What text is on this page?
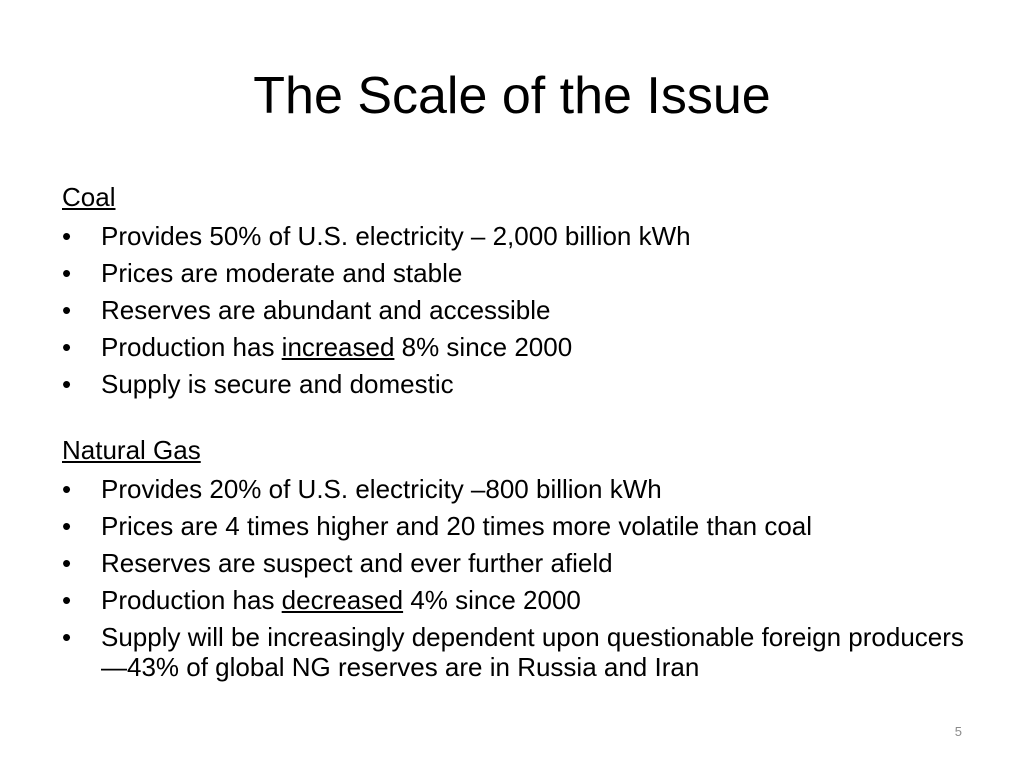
The Scale of the Issue
Coal
• Provides 50% of U.S. electricity – 2,000 billion kWh
• Prices are moderate and stable
• Reserves are abundant and accessible
• Production has increased 8% since 2000
• Supply is secure and domestic
Natural Gas
• Provides 20% of U.S. electricity –800 billion kWh
• Prices are 4 times higher and 20 times more volatile than coal
• Reserves are suspect and ever further afield
• Production has decreased 4% since 2000
• Supply will be increasingly dependent upon questionable foreign producers—43% of global NG reserves are in Russia and Iran
5
